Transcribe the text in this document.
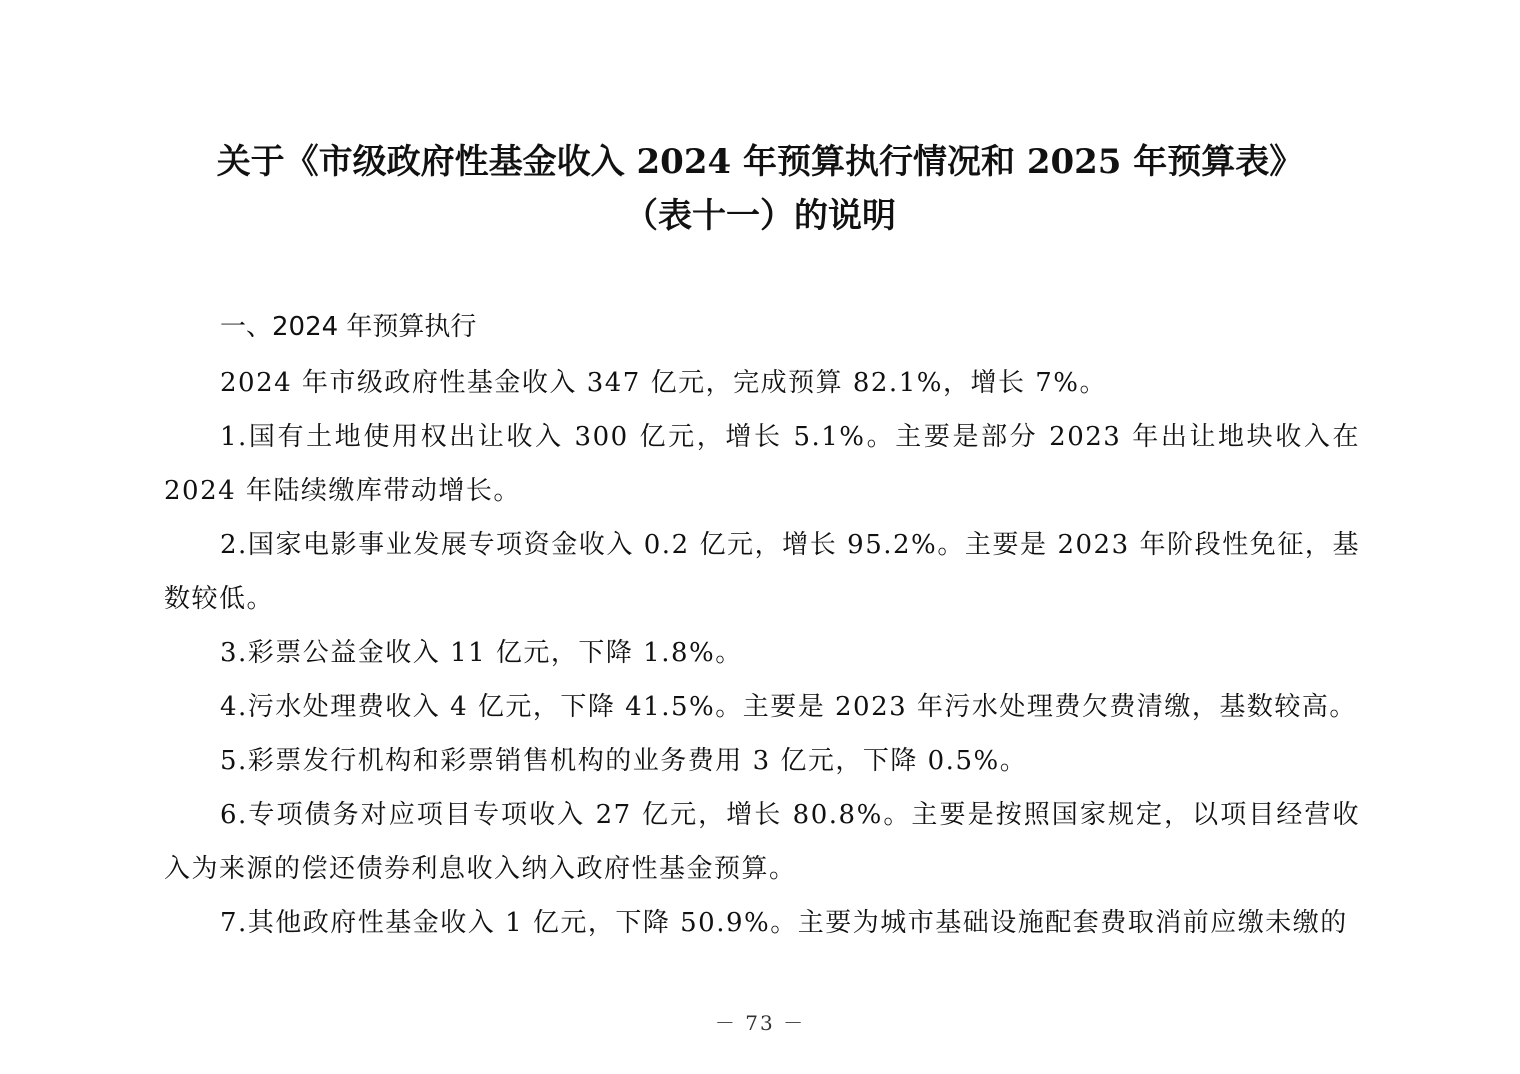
关于《市级政府性基金收入 2024 年预算执行情况和 2025 年预算表》
（表十一）的说明
一、2024 年预算执行
2024 年市级政府性基金收入 347 亿元，完成预算 82.1%，增长 7%。
1.国有土地使用权出让收入 300 亿元，增长 5.1%。主要是部分 2023 年出让地块收入在 2024 年陆续缴库带动增长。
2.国家电影事业发展专项资金收入 0.2 亿元，增长 95.2%。主要是 2023 年阶段性免征，基数较低。
3.彩票公益金收入 11 亿元，下降 1.8%。
4.污水处理费收入 4 亿元，下降 41.5%。主要是 2023 年污水处理费欠费清缴，基数较高。
5.彩票发行机构和彩票销售机构的业务费用 3 亿元，下降 0.5%。
6.专项债务对应项目专项收入 27 亿元，增长 80.8%。主要是按照国家规定，以项目经营收入为来源的偿还债券利息收入纳入政府性基金预算。
7.其他政府性基金收入 1 亿元，下降 50.9%。主要为城市基础设施配套费取消前应缴未缴的
－ 73 －
